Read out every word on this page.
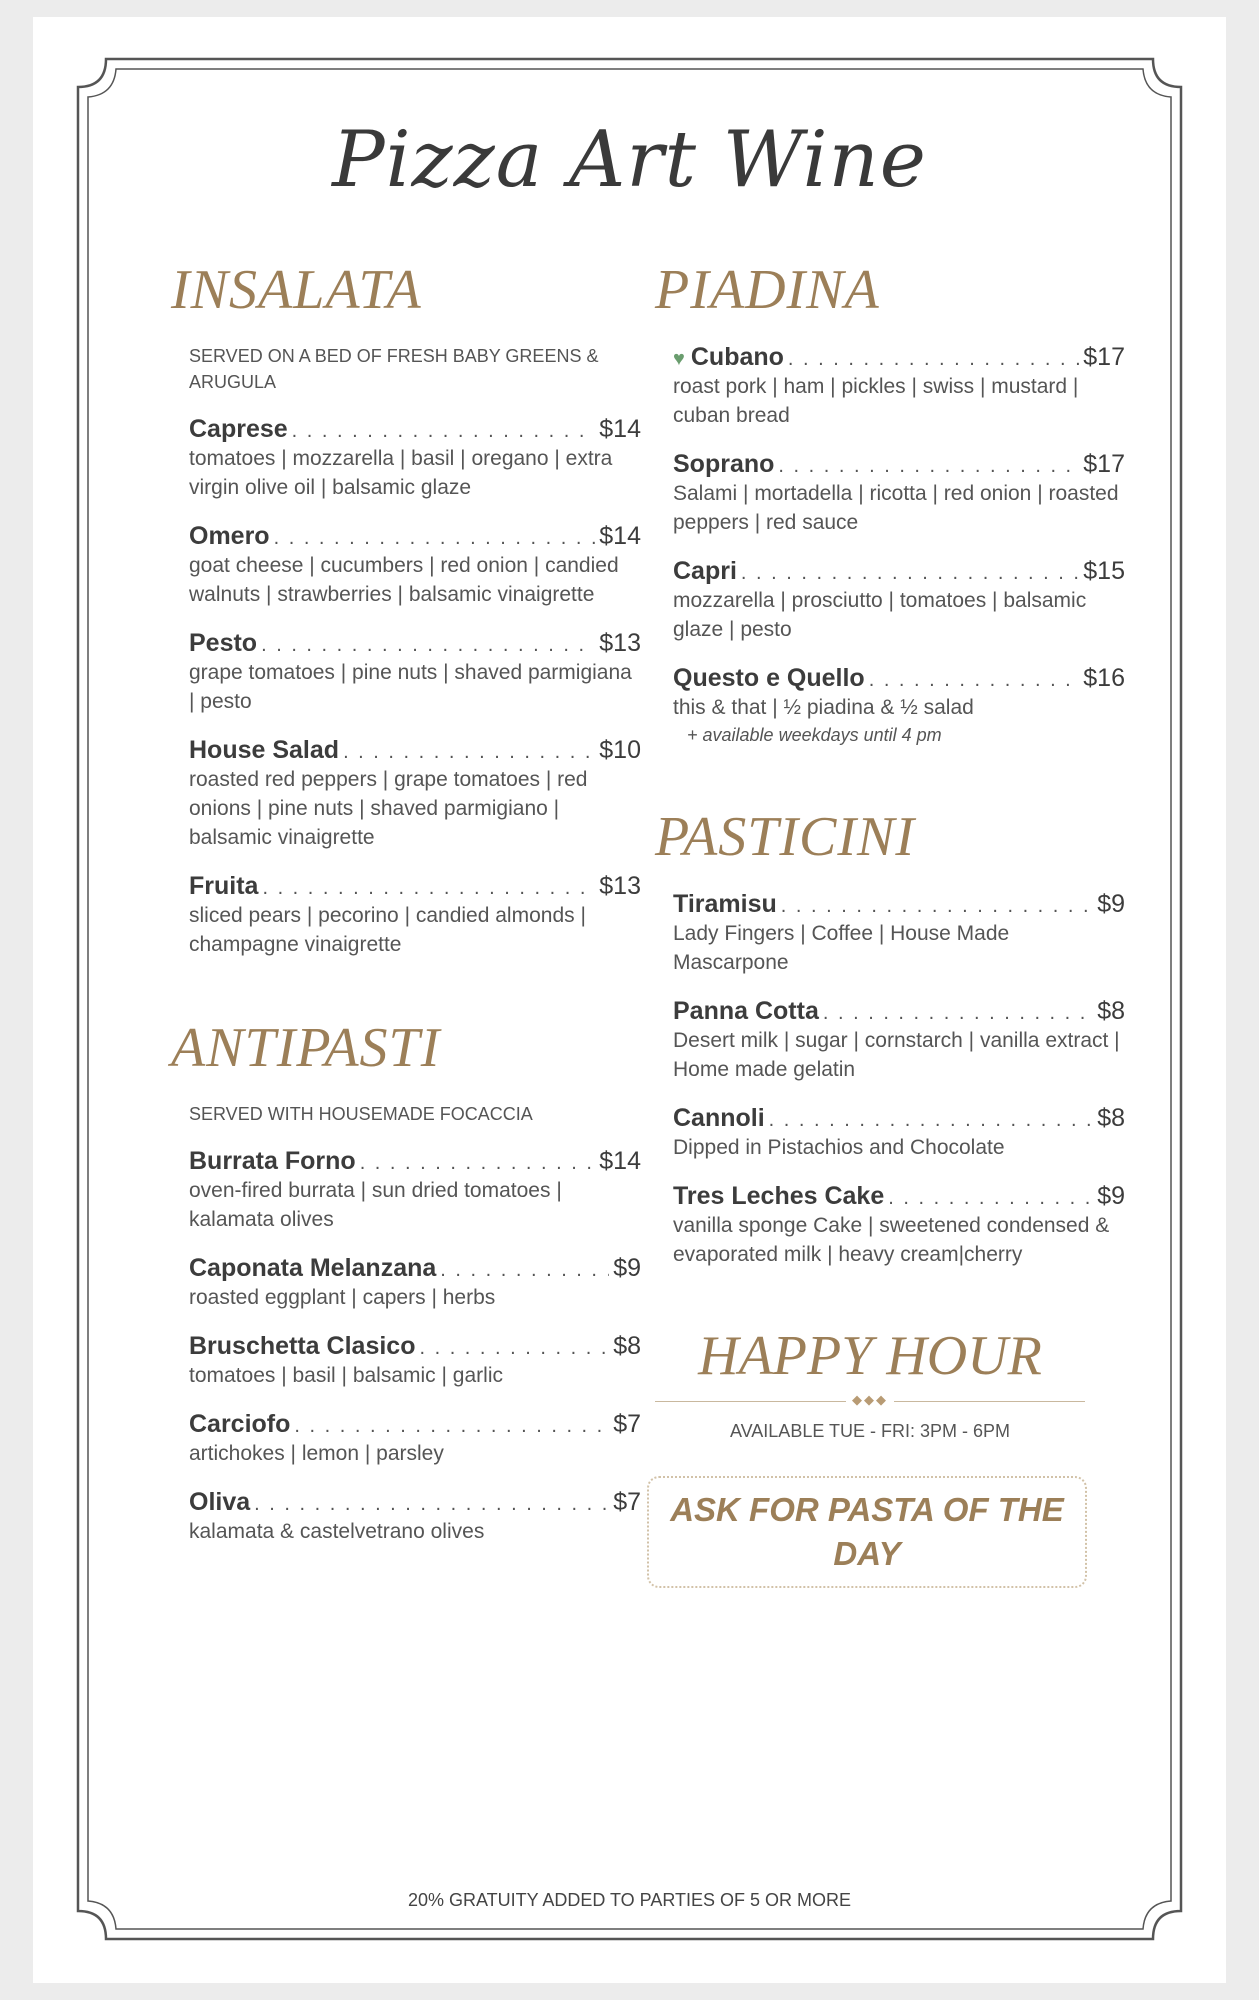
Pizza Art Wine
INSALATA
SERVED ON A BED OF FRESH BABY GREENS & ARUGULA
Caprese . . .	$14
tomatoes | mozzarella | basil | oregano | extra virgin olive oil | balsamic glaze
Omero . . .	$14
goat cheese | cucumbers | red onion | candied walnuts | strawberries | balsamic vinaigrette
Pesto . . .	$13
grape tomatoes | pine nuts | shaved parmigiana | pesto
House Salad . . .	$10
roasted red peppers | grape tomatoes | red onions | pine nuts | shaved parmigiano | balsamic vinaigrette
Fruita . . .	$13
sliced pears | pecorino | candied almonds | champagne vinaigrette
ANTIPASTI
SERVED WITH HOUSEMADE FOCACCIA
Burrata Forno . . .	$14
oven-fired burrata | sun dried tomatoes | kalamata olives
Caponata Melanzana . . .	$9
roasted eggplant | capers | herbs
Bruschetta Clasico . . .	$8
tomatoes | basil | balsamic | garlic
Carciofo . . .	$7
artichokes | lemon | parsley
Oliva . . .	$7
kalamata & castelvetrano olives
PIADINA
♥ Cubano . . .	$17
roast pork | ham | pickles | swiss | mustard | cuban bread
Soprano . . .	$17
Salami | mortadella | ricotta | red onion | roasted peppers | red sauce
Capri . . .	$15
mozzarella | prosciutto | tomatoes | balsamic glaze | pesto
Questo e Quello . . .	$16
this & that | ½ piadina & ½ salad
+ available weekdays until 4 pm
PASTICINI
Tiramisu . . .	$9
Lady Fingers | Coffee | House Made Mascarpone
Panna Cotta . . .	$8
Desert milk | sugar | cornstarch | vanilla extract | Home made gelatin
Cannoli . . .	$8
Dipped in Pistachios and Chocolate
Tres Leches Cake . . .	$9
vanilla sponge Cake | sweetened condensed & evaporated milk | heavy cream|cherry
HAPPY HOUR
◆◆◆
AVAILABLE TUE - FRI: 3PM - 6PM
ASK FOR PASTA OF THE DAY
20% GRATUITY ADDED TO PARTIES OF 5 OR MORE
